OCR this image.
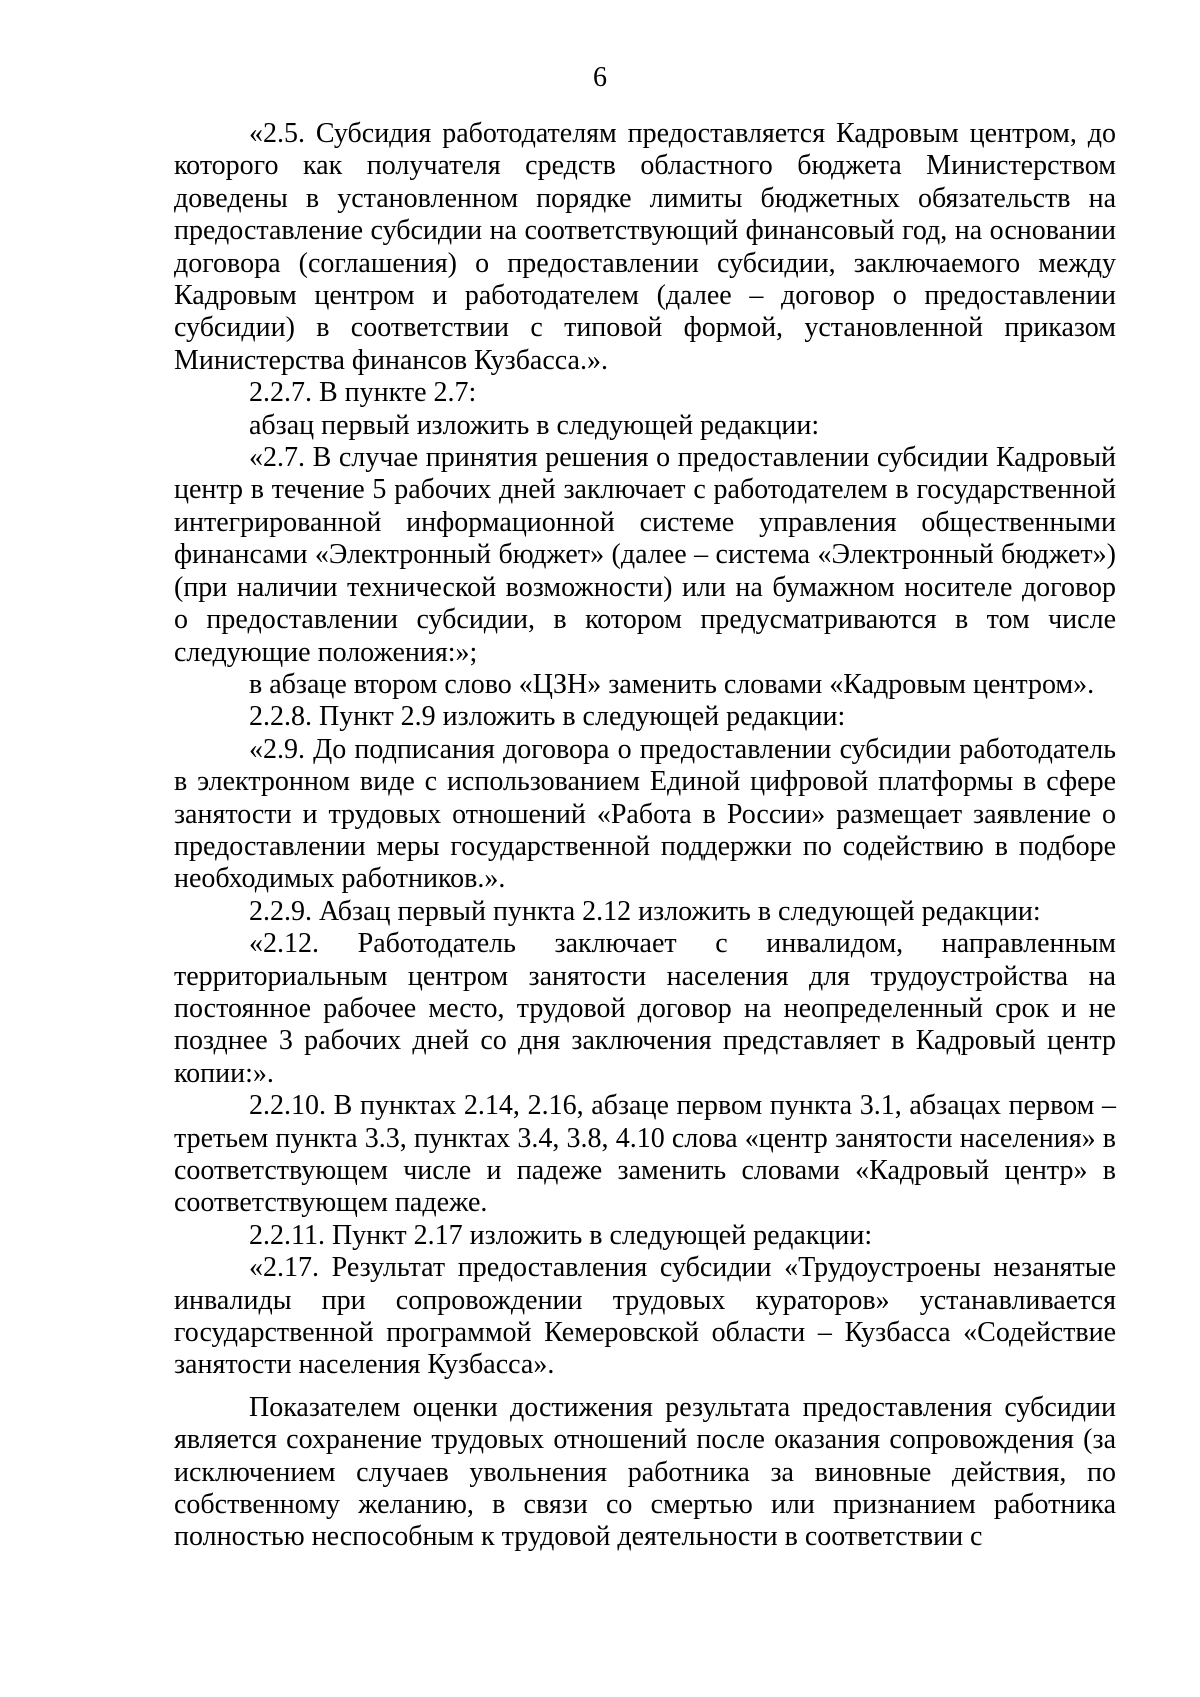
6

«2.5. Субсидия работодателям предоставляется Кадровым центром, до которого как получателя средств областного бюджета Министерством доведены в установленном порядке лимиты бюджетных обязательств на предоставление субсидии на соответствующий финансовый год, на основании договора (соглашения) о предоставлении субсидии, заключаемого между Кадровым центром и работодателем (далее – договор о предоставлении субсидии) в соответствии с типовой формой, установленной приказом Министерства финансов Кузбасса.».

2.2.7. В пункте 2.7:

абзац первый изложить в следующей редакции:

«2.7. В случае принятия решения о предоставлении субсидии Кадровый центр в течение 5 рабочих дней заключает с работодателем в государственной интегрированной информационной системе управления общественными финансами «Электронный бюджет» (далее – система «Электронный бюджет») (при наличии технической возможности) или на бумажном носителе договор о предоставлении субсидии, в котором предусматриваются в том числе следующие положения:»;

в абзаце втором слово «ЦЗН» заменить словами «Кадровым центром».

2.2.8. Пункт 2.9 изложить в следующей редакции:

«2.9. До подписания договора о предоставлении субсидии работодатель в электронном виде с использованием Единой цифровой платформы в сфере занятости и трудовых отношений «Работа в России» размещает заявление о предоставлении меры государственной поддержки по содействию в подборе необходимых работников.».

2.2.9. Абзац первый пункта 2.12 изложить в следующей редакции:

«2.12. Работодатель заключает с инвалидом, направленным территориальным центром занятости населения для трудоустройства на постоянное рабочее место, трудовой договор на неопределенный срок и не позднее 3 рабочих дней со дня заключения представляет в Кадровый центр копии:».

2.2.10. В пунктах 2.14, 2.16, абзаце первом пункта 3.1, абзацах первом – третьем пункта 3.3, пунктах 3.4, 3.8, 4.10 слова «центр занятости населения» в соответствующем числе и падеже заменить словами «Кадровый центр» в соответствующем падеже.

2.2.11. Пункт 2.17 изложить в следующей редакции:

«2.17. Результат предоставления субсидии «Трудоустроены незанятые инвалиды при сопровождении трудовых кураторов» устанавливается государственной программой Кемеровской области – Кузбасса «Содействие занятости населения Кузбасса».

Показателем оценки достижения результата предоставления субсидии является сохранение трудовых отношений после оказания сопровождения (за исключением случаев увольнения работника за виновные действия, по собственному желанию, в связи со смертью или признанием работника полностью неспособным к трудовой деятельности в соответствии с
